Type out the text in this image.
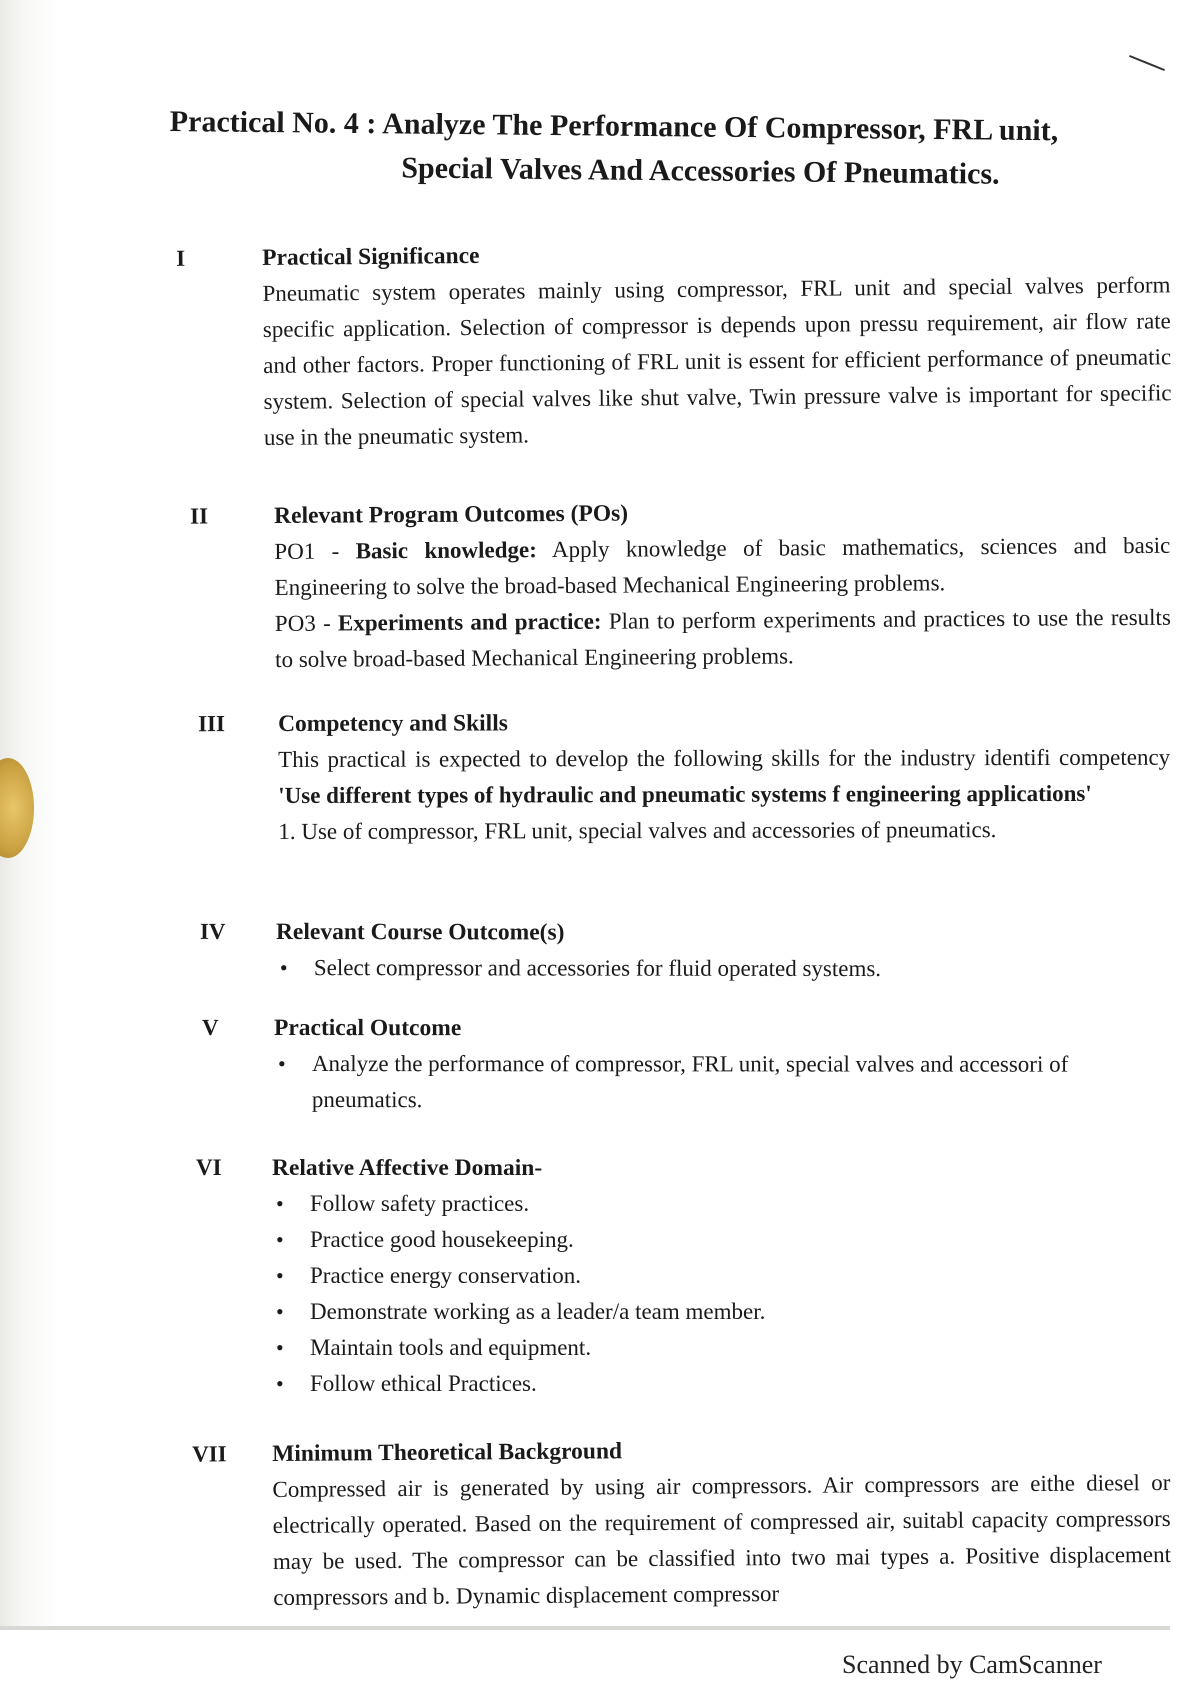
Practical No. 4 : Analyze The Performance Of Compressor, FRL unit,
Special Valves And Accessories Of Pneumatics.
I	Practical Significance
Pneumatic system operates mainly using compressor, FRL unit and special valves perform specific application. Selection of compressor is depends upon pressu requirement, air flow rate and other factors. Proper functioning of FRL unit is essent for efficient performance of pneumatic system. Selection of special valves like shut valve, Twin pressure valve is important for specific use in the pneumatic system.
II	Relevant Program Outcomes (POs)
PO1 - Basic knowledge: Apply knowledge of basic mathematics, sciences and basic Engineering to solve the broad-based Mechanical Engineering problems.
PO3 - Experiments and practice: Plan to perform experiments and practices to use the results to solve broad-based Mechanical Engineering problems.
III Competency and Skills
This practical is expected to develop the following skills for the industry identifi competency 'Use different types of hydraulic and pneumatic systems f engineering applications'
1. Use of compressor, FRL unit, special valves and accessories of pneumatics.
IV Relevant Course Outcome(s)
• Select compressor and accessories for fluid operated systems.
V Practical Outcome
• Analyze the performance of compressor, FRL unit, special valves and accessori of pneumatics.
VI Relative Affective Domain-
• Follow safety practices.
• Practice good housekeeping.
• Practice energy conservation.
• Demonstrate working as a leader/a team member.
• Maintain tools and equipment.
• Follow ethical Practices.
VII Minimum Theoretical Background
Compressed air is generated by using air compressors. Air compressors are eithe diesel or electrically operated. Based on the requirement of compressed air, suitabl capacity compressors may be used. The compressor can be classified into two mai types a. Positive displacement compressors and b. Dynamic displacement compressor
Scanned by CamScanner
